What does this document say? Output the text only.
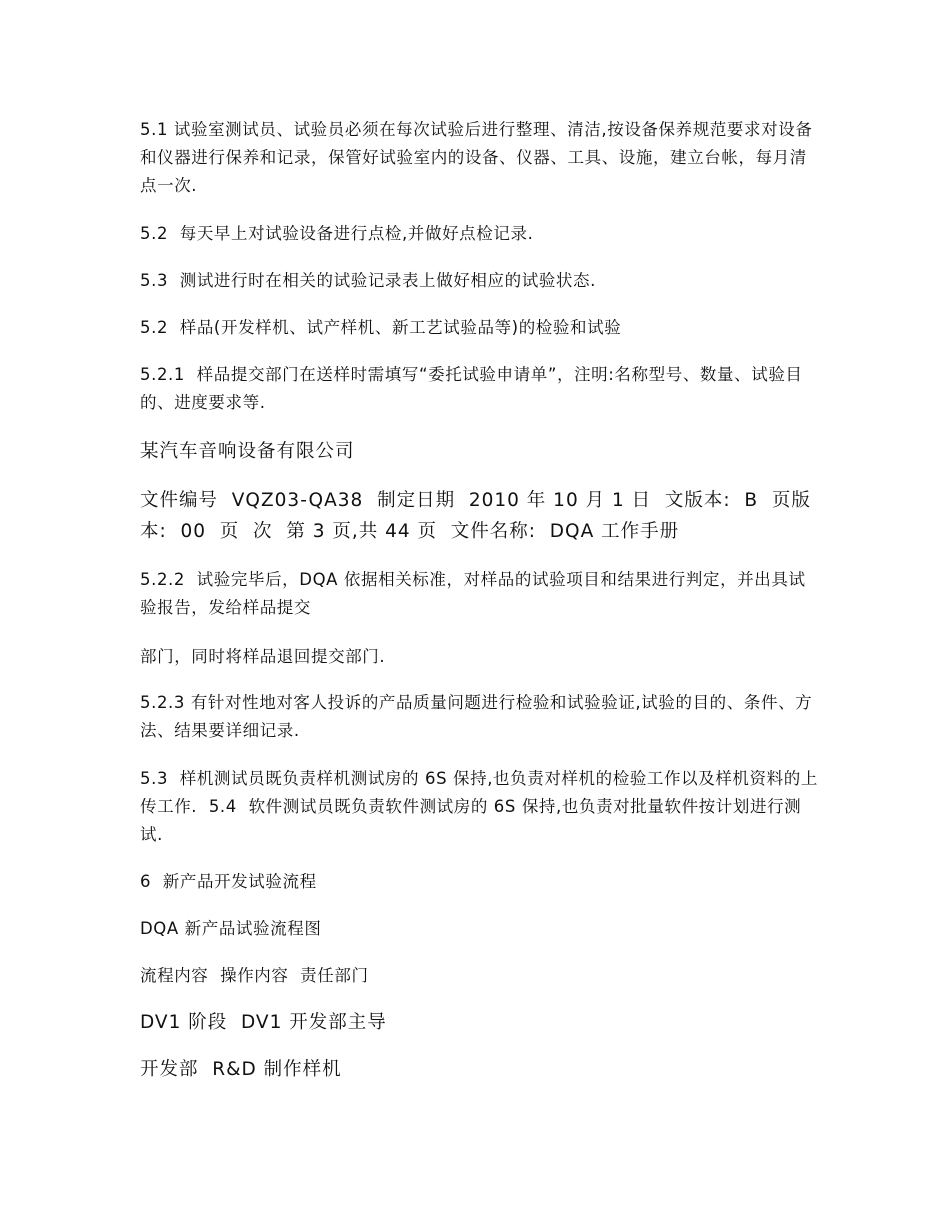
5.1 试验室测试员、试验员必须在每次试验后进行整理、清洁,按设备保养规范要求对设备和仪器进行保养和记录，保管好试验室内的设备、仪器、工具、设施，建立台帐，每月清点一次.

5.2  每天早上对试验设备进行点检,并做好点检记录.

5.3  测试进行时在相关的试验记录表上做好相应的试验状态.

5.2  样品(开发样机、试产样机、新工艺试验品等)的检验和试验

5.2.1  样品提交部门在送样时需填写“委托试验申请单”，注明:名称型号、数量、试验目的、进度要求等.

某汽车音响设备有限公司

文件编号  VQZ03-QA38  制定日期  2010 年 10 月 1 日  文版本:  B  页版本:  00  页  次  第 3 页,共 44 页  文件名称:  DQA 工作手册

5.2.2  试验完毕后，DQA 依据相关标准，对样品的试验项目和结果进行判定，并出具试验报告，发给样品提交

部门，同时将样品退回提交部门.

5.2.3 有针对性地对客人投诉的产品质量问题进行检验和试验验证,试验的目的、条件、方法、结果要详细记录.

5.3  样机测试员既负责样机测试房的 6S 保持,也负责对样机的检验工作以及样机资料的上传工作.  5.4  软件测试员既负责软件测试房的 6S 保持,也负责对批量软件按计划进行测试.

6  新产品开发试验流程

DQA 新产品试验流程图

流程内容  操作内容  责任部门

DV1 阶段  DV1 开发部主导

开发部  R&D 制作样机
